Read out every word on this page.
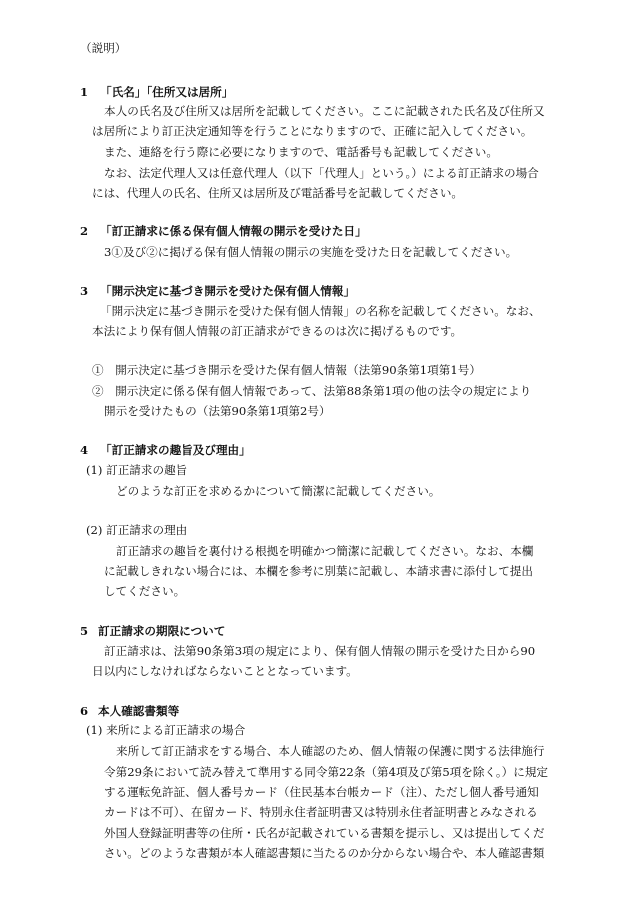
（説明）
1 「氏名」「住所又は居所」
本人の氏名及び住所又は居所を記載してください。ここに記載された氏名及び住所又
は居所により訂正決定通知等を行うことになりますので、正確に記入してください。
また、連絡を行う際に必要になりますので、電話番号も記載してください。
なお、法定代理人又は任意代理人（以下「代理人」という。）による訂正請求の場合
には、代理人の氏名、住所又は居所及び電話番号を記載してください。
2 「訂正請求に係る保有個人情報の開示を受けた日」
3①及び②に掲げる保有個人情報の開示の実施を受けた日を記載してください。
3 「開示決定に基づき開示を受けた保有個人情報」
「開示決定に基づき開示を受けた保有個人情報」の名称を記載してください。なお、
本法により保有個人情報の訂正請求ができるのは次に掲げるものです。
①　開示決定に基づき開示を受けた保有個人情報（法第90条第1項第1号）
②　開示決定に係る保有個人情報であって、法第88条第1項の他の法令の規定により
開示を受けたもの（法第90条第1項第2号）
4 「訂正請求の趣旨及び理由」
(1) 訂正請求の趣旨
どのような訂正を求めるかについて簡潔に記載してください。
(2) 訂正請求の理由
訂正請求の趣旨を裏付ける根拠を明確かつ簡潔に記載してください。なお、本欄
に記載しきれない場合には、本欄を参考に別葉に記載し、本請求書に添付して提出
してください。
5 訂正請求の期限について
訂正請求は、法第90条第3項の規定により、保有個人情報の開示を受けた日から90
日以内にしなければならないこととなっています。
6 本人確認書類等
(1) 来所による訂正請求の場合
来所して訂正請求をする場合、本人確認のため、個人情報の保護に関する法律施行
令第29条において読み替えて準用する同令第22条（第4項及び第5項を除く。）に規定
する運転免許証、個人番号カード（住民基本台帳カード（注）、ただし個人番号通知
カードは不可）、在留カード、特別永住者証明書又は特別永住者証明書とみなされる
外国人登録証明書等の住所・氏名が記載されている書類を提示し、又は提出してくだ
さい。どのような書類が本人確認書類に当たるのか分からない場合や、本人確認書類
